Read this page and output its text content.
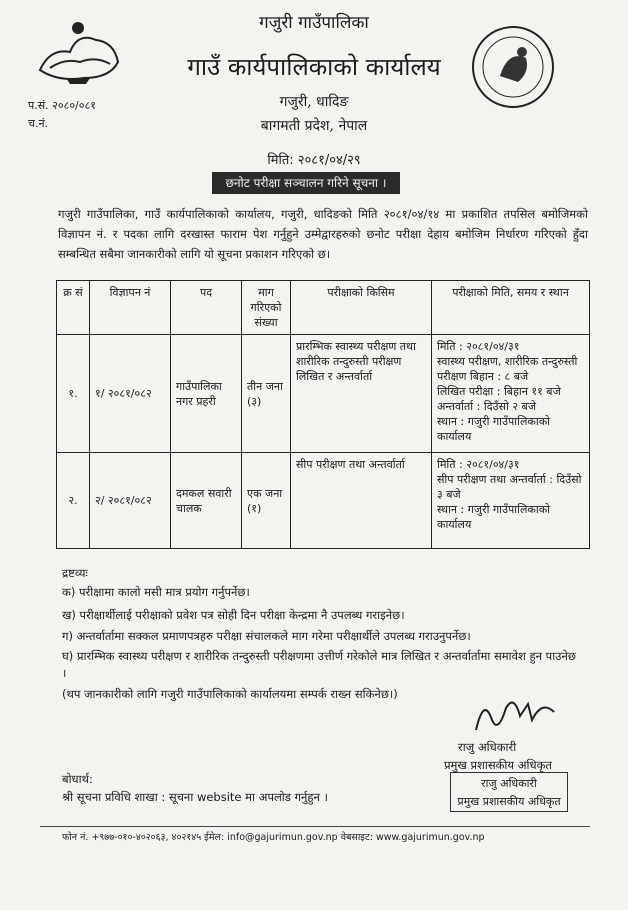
गजुरी गाउँपालिका
गाउँ कार्यपालिकाको कार्यालय
गजुरी, धादिङ
बागमती प्रदेश, नेपाल
प.सं. २०८०/०८१
च.नं.
मिति: २०८१/०४/२९
छनोट परीक्षा सञ्चालन गरिने सूचना ।
गजुरी गाउँपालिका, गाउँ कार्यपालिकाको कार्यालय, गजुरी, धादिङको मिति २०८१/०४/१४ मा प्रकाशित तपसिल बमोजिमको विज्ञापन नं. र पदका लागि दरखास्त फाराम पेश गर्नुहुने उम्मेद्वारहरुको छनोट परीक्षा देहाय बमोजिम निर्धारण गरिएको हुँदा सम्बन्धित सबैमा जानकारीको लागि यो सूचना प्रकाशन गरिएको छ।
क्र सं	विज्ञापन नं	पद	माग गरिएको संख्या	परीक्षाको किसिम	परीक्षाको मिति, समय र स्थान
१.	१/ २०८१/०८२	गाउँपालिका नगर प्रहरी	तीन जना (३)	प्रारम्भिक स्वास्थ्य परीक्षण तथा शारीरिक तन्दुरुस्ती परीक्षण लिखित र अन्तर्वार्ता	मिति : २०८१/०४/३१
स्वास्थ्य परीक्षण, शारीरिक तन्दुरुस्ती परीक्षण बिहान : ८ बजे
लिखित परीक्षा : बिहान ११ बजे
अन्तर्वार्ता : दिउँसो २ बजे
स्थान : गजुरी गाउँपालिकाको कार्यालय

२.	२/ २०८१/०८२	दमकल सवारी चालक	एक जना (१)	सीप परीक्षण तथा अन्तर्वार्ता	मिति : २०८१/०४/३१
सीप परीक्षण तथा अन्तर्वार्ता : दिउँसो ३ बजे
स्थान : गजुरी गाउँपालिकाको कार्यालय
द्रष्टव्यः
क) परीक्षामा कालो मसी मात्र प्रयोग गर्नुपर्नेछ।
ख) परीक्षार्थीलाई परीक्षाको प्रवेश पत्र सोही दिन परीक्षा केन्द्रमा नै उपलब्ध गराइनेछ।
ग) अन्तर्वार्तामा सक्कल प्रमाणपत्रहरु परीक्षा संचालकले माग गरेमा परीक्षार्थीले उपलब्ध गराउनुपर्नेछ।
घ) प्रारम्भिक स्वास्थ्य परीक्षण र शारीरिक तन्दुरुस्ती परीक्षणमा उत्तीर्ण गरेकोले मात्र लिखित र अन्तर्वार्तामा समावेश हुन पाउनेछ ।
(थप जानकारीको लागि गजुरी गाउँपालिकाको कार्यालयमा सम्पर्क राख्न सकिनेछ।)
राजु अधिकारी
प्रमुख प्रशासकीय अधिकृत
राजु अधिकारी
प्रमुख प्रशासकीय अधिकृत
बोधार्थ:
श्री सूचना प्रविधि शाखा : सूचना website मा अपलोड गर्नुहुन ।
फोन नं. +९७७-०१०-४०२०६३, ४०२१४५ ईमेल: info@gajurimun.gov.np वेबसाइट: www.gajurimun.gov.np
